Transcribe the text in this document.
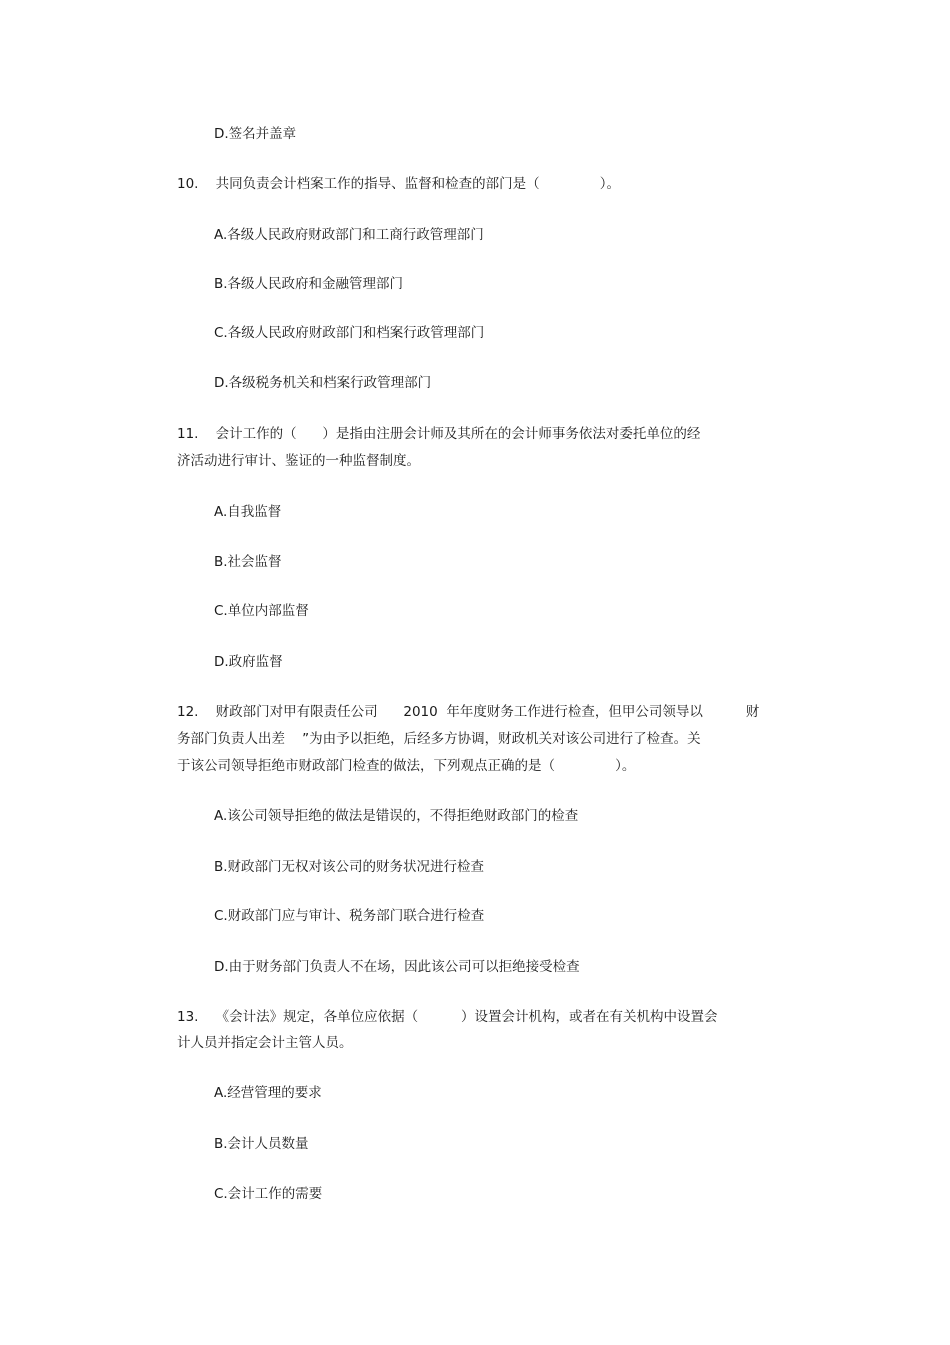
D.签名并盖章
10.    共同负责会计档案工作的指导、监督和检查的部门是（              ）。
A.各级人民政府财政部门和工商行政管理部门
B.各级人民政府和金融管理部门
C.各级人民政府财政部门和档案行政管理部门
D.各级税务机关和档案行政管理部门
11.    会计工作的（      ）是指由注册会计师及其所在的会计师事务依法对委托单位的经
济活动进行审计、鉴证的一种监督制度。
A.自我监督
B.社会监督
C.单位内部监督
D.政府监督
12.    财政部门对甲有限责任公司      2010  年年度财务工作进行检查，但甲公司领导以          财
务部门负责人出差    ”为由予以拒绝，后经多方协调，财政机关对该公司进行了检查。关
于该公司领导拒绝市财政部门检查的做法，下列观点正确的是（              ）。
A.该公司领导拒绝的做法是错误的，不得拒绝财政部门的检查
B.财政部门无权对该公司的财务状况进行检查
C.财政部门应与审计、税务部门联合进行检查
D.由于财务部门负责人不在场，因此该公司可以拒绝接受检查
13.    《会计法》规定，各单位应依据（          ）设置会计机构，或者在有关机构中设置会
计人员并指定会计主管人员。
A.经营管理的要求
B.会计人员数量
C.会计工作的需要
